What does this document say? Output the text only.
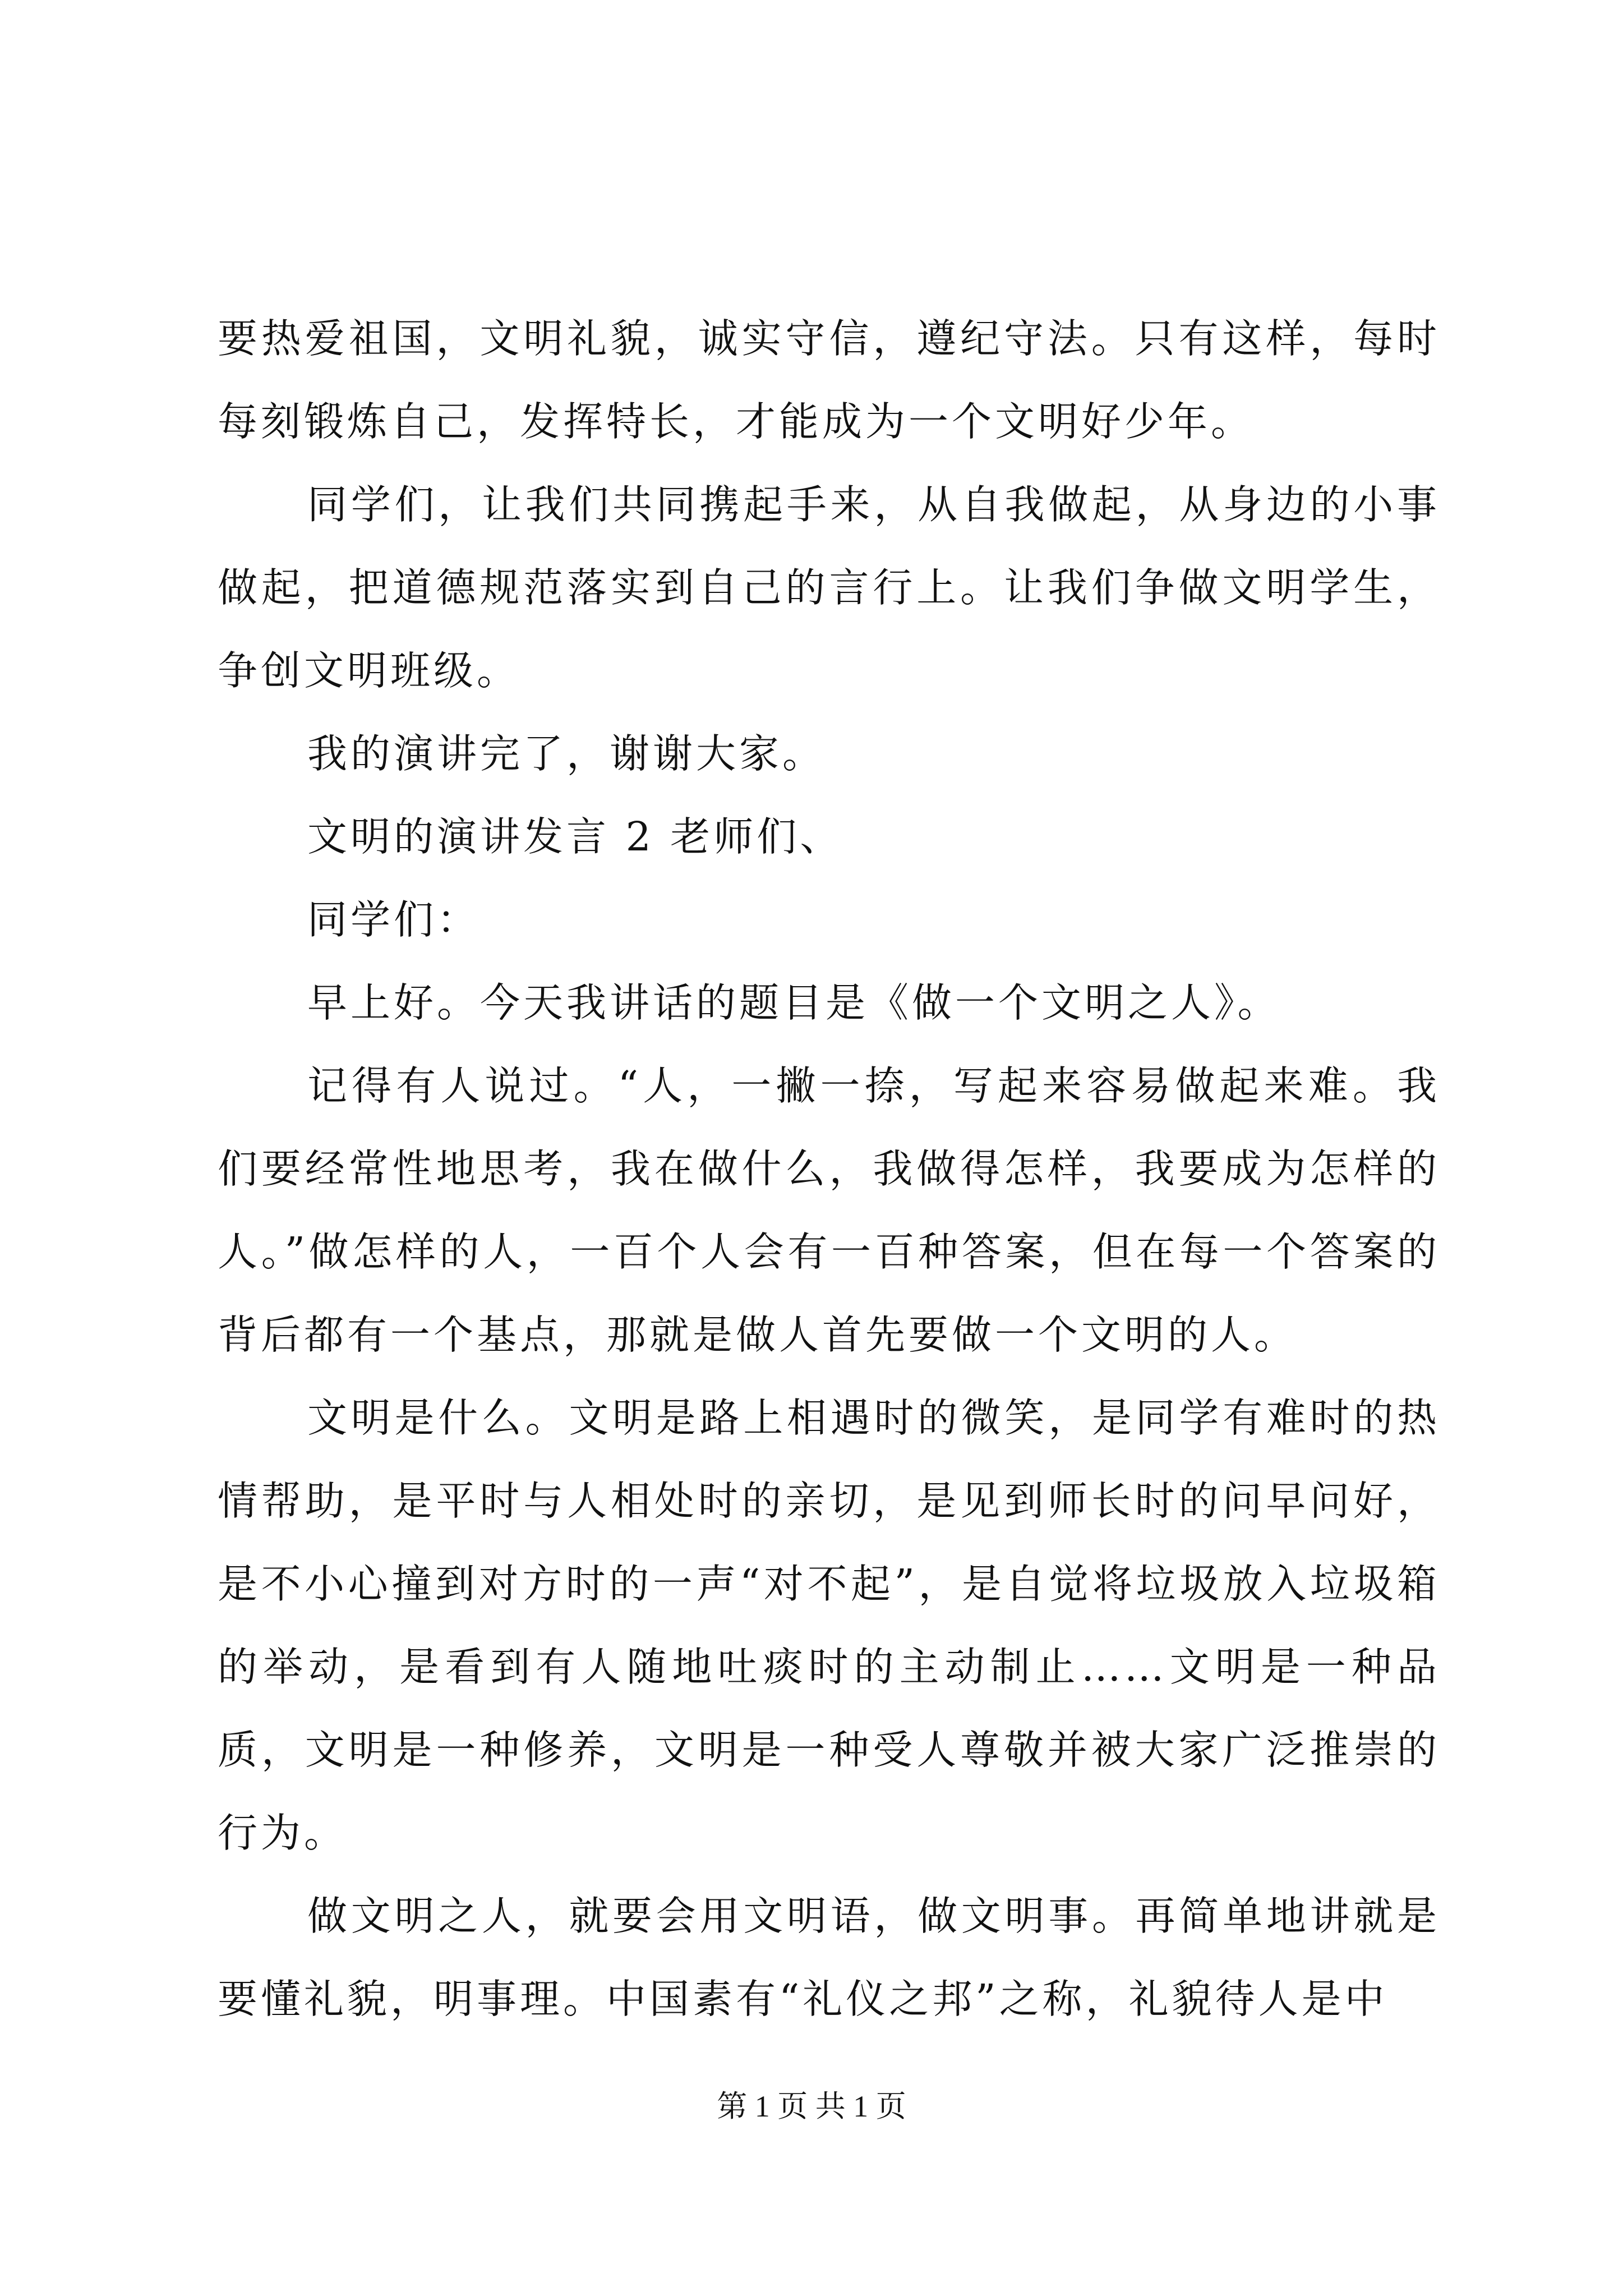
要热爱祖国，文明礼貌，诚实守信，遵纪守法。只有这样，每时每刻锻炼自己，发挥特长，才能成为一个文明好少年。

同学们，让我们共同携起手来，从自我做起，从身边的小事做起，把道德规范落实到自己的言行上。让我们争做文明学生，争创文明班级。

我的演讲完了，谢谢大家。

文明的演讲发言 2 老师们、

同学们：

早上好。今天我讲话的题目是《做一个文明之人》。

记得有人说过。“人，一撇一捺，写起来容易做起来难。我们要经常性地思考，我在做什么，我做得怎样，我要成为怎样的人。”做怎样的人，一百个人会有一百种答案，但在每一个答案的背后都有一个基点，那就是做人首先要做一个文明的人。

文明是什么。文明是路上相遇时的微笑，是同学有难时的热情帮助，是平时与人相处时的亲切，是见到师长时的问早问好，是不小心撞到对方时的一声“对不起”，是自觉将垃圾放入垃圾箱的举动，是看到有人随地吐痰时的主动制止……文明是一种品质，文明是一种修养，文明是一种受人尊敬并被大家广泛推崇的行为。

做文明之人，就要会用文明语，做文明事。再简单地讲就是要懂礼貌，明事理。中国素有“礼仪之邦”之称，礼貌待人是中

第 1 页 共 1 页
